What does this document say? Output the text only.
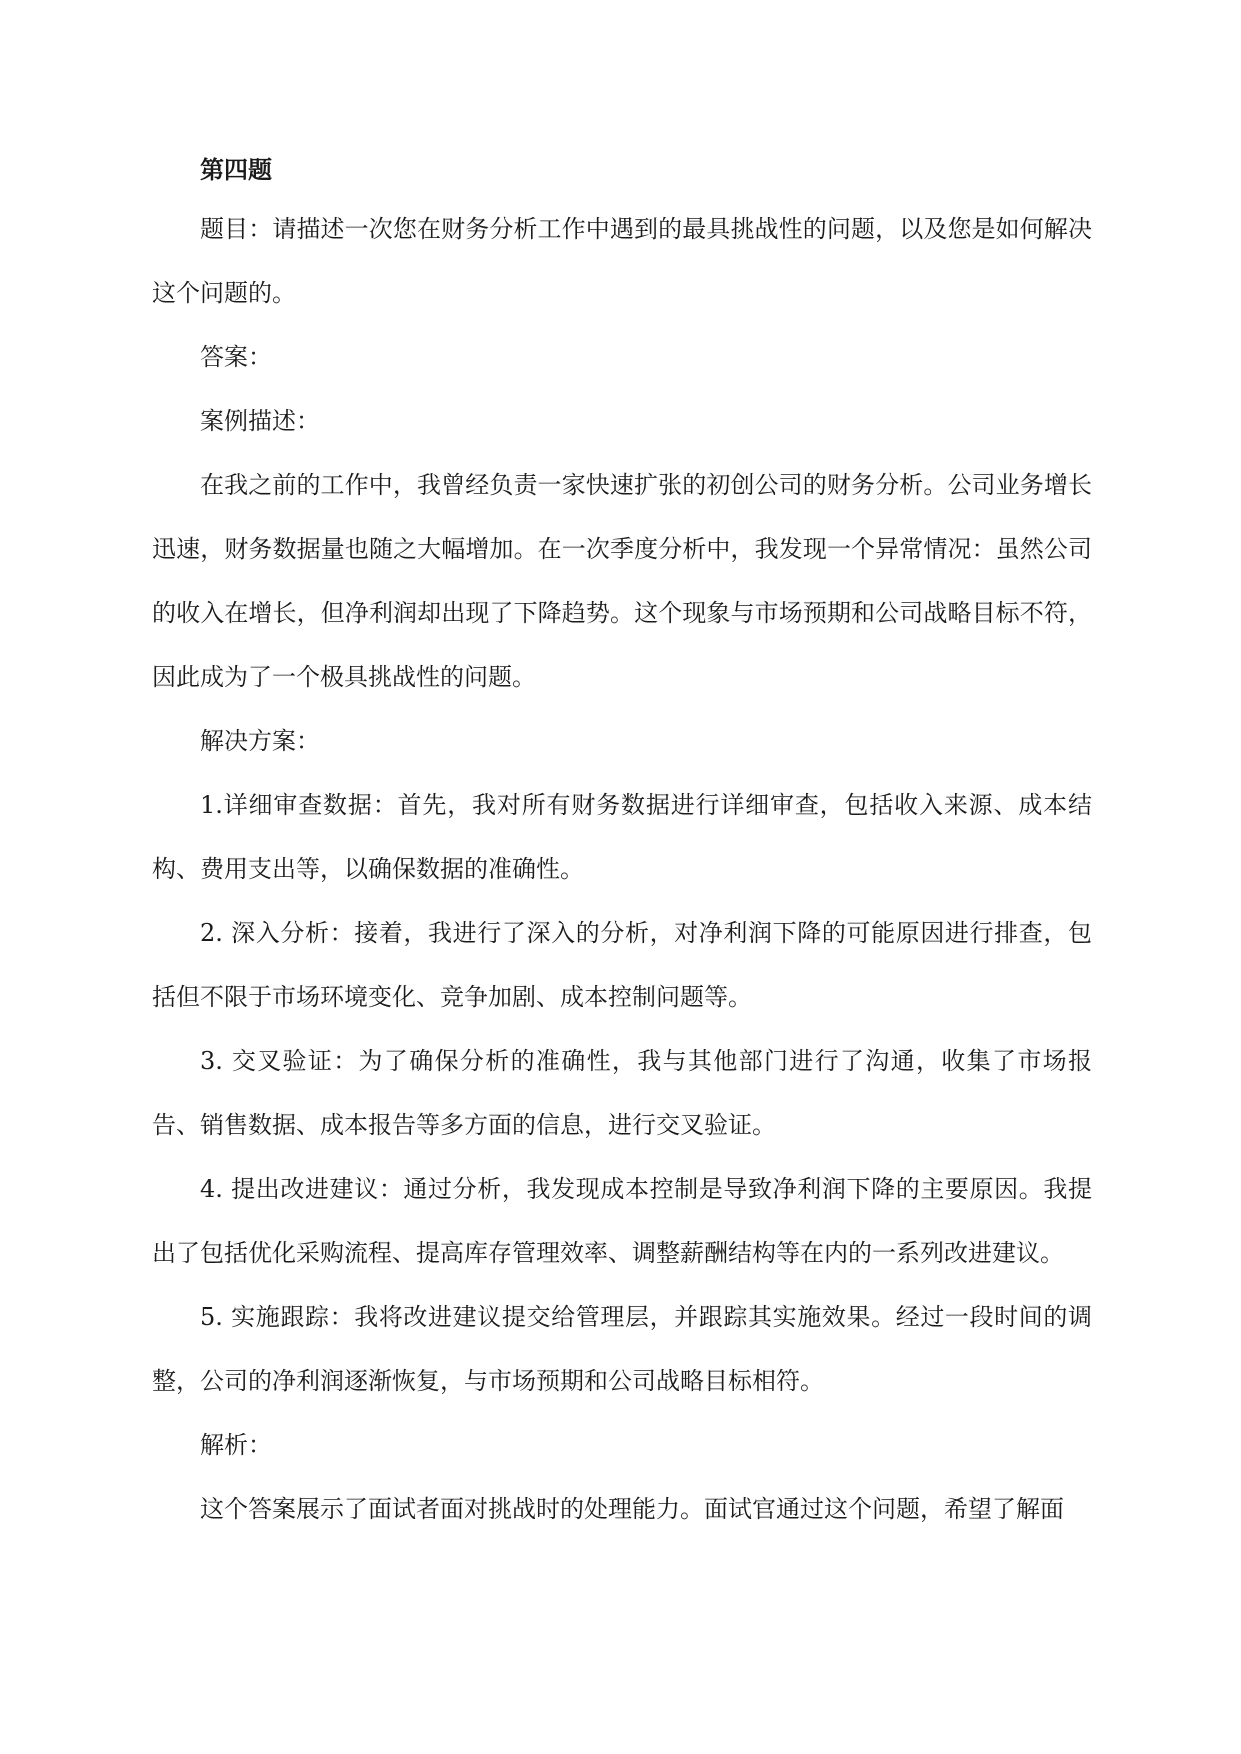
第四题

题目：请描述一次您在财务分析工作中遇到的最具挑战性的问题，以及您是如何解决这个问题的。

答案：

案例描述：

在我之前的工作中，我曾经负责一家快速扩张的初创公司的财务分析。公司业务增长迅速，财务数据量也随之大幅增加。在一次季度分析中，我发现一个异常情况：虽然公司的收入在增长，但净利润却出现了下降趋势。这个现象与市场预期和公司战略目标不符，因此成为了一个极具挑战性的问题。

解决方案：

1.详细审查数据：首先，我对所有财务数据进行详细审查，包括收入来源、成本结构、费用支出等，以确保数据的准确性。

2. 深入分析：接着，我进行了深入的分析，对净利润下降的可能原因进行排查，包括但不限于市场环境变化、竞争加剧、成本控制问题等。

3. 交叉验证：为了确保分析的准确性，我与其他部门进行了沟通，收集了市场报告、销售数据、成本报告等多方面的信息，进行交叉验证。

4. 提出改进建议：通过分析，我发现成本控制是导致净利润下降的主要原因。我提出了包括优化采购流程、提高库存管理效率、调整薪酬结构等在内的一系列改进建议。

5. 实施跟踪：我将改进建议提交给管理层，并跟踪其实施效果。经过一段时间的调整，公司的净利润逐渐恢复，与市场预期和公司战略目标相符。

解析：

这个答案展示了面试者面对挑战时的处理能力。面试官通过这个问题，希望了解面
